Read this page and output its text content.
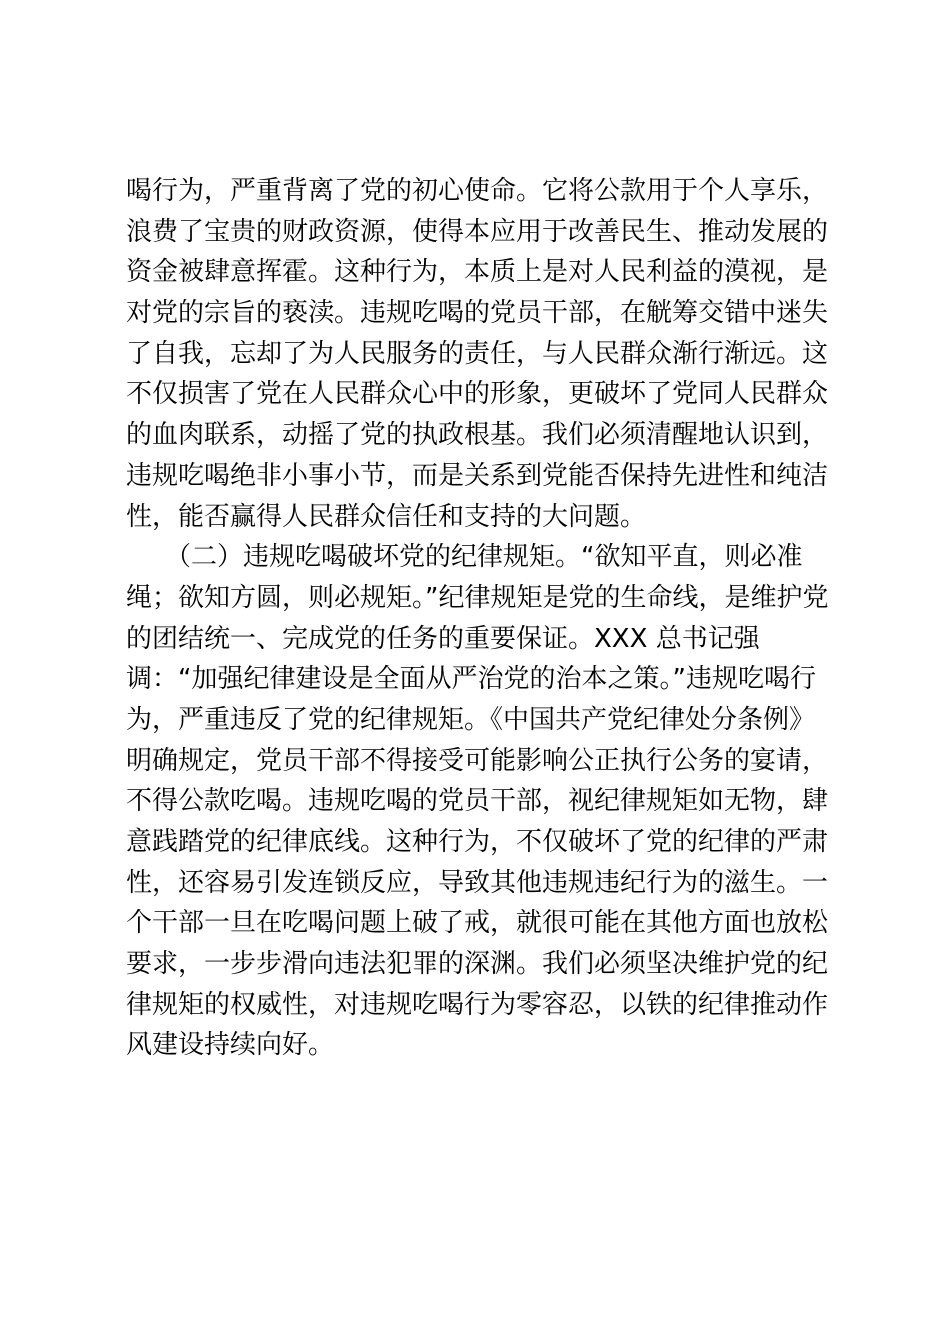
喝行为，严重背离了党的初心使命。它将公款用于个人享乐，
浪费了宝贵的财政资源，使得本应用于改善民生、推动发展的
资金被肆意挥霍。这种行为，本质上是对人民利益的漠视，是
对党的宗旨的亵渎。违规吃喝的党员干部，在觥筹交错中迷失
了自我，忘却了为人民服务的责任，与人民群众渐行渐远。这
不仅损害了党在人民群众心中的形象，更破坏了党同人民群众
的血肉联系，动摇了党的执政根基。我们必须清醒地认识到，
违规吃喝绝非小事小节，而是关系到党能否保持先进性和纯洁
性，能否赢得人民群众信任和支持的大问题。
　　（二）违规吃喝破坏党的纪律规矩。“欲知平直，则必准
绳；欲知方圆，则必规矩。”纪律规矩是党的生命线，是维护党
的团结统一、完成党的任务的重要保证。XXX 总书记强
调：“加强纪律建设是全面从严治党的治本之策。”违规吃喝行
为，严重违反了党的纪律规矩。《中国共产党纪律处分条例》
明确规定，党员干部不得接受可能影响公正执行公务的宴请，
不得公款吃喝。违规吃喝的党员干部，视纪律规矩如无物，肆
意践踏党的纪律底线。这种行为，不仅破坏了党的纪律的严肃
性，还容易引发连锁反应，导致其他违规违纪行为的滋生。一
个干部一旦在吃喝问题上破了戒，就很可能在其他方面也放松
要求，一步步滑向违法犯罪的深渊。我们必须坚决维护党的纪
律规矩的权威性，对违规吃喝行为零容忍，以铁的纪律推动作
风建设持续向好。
